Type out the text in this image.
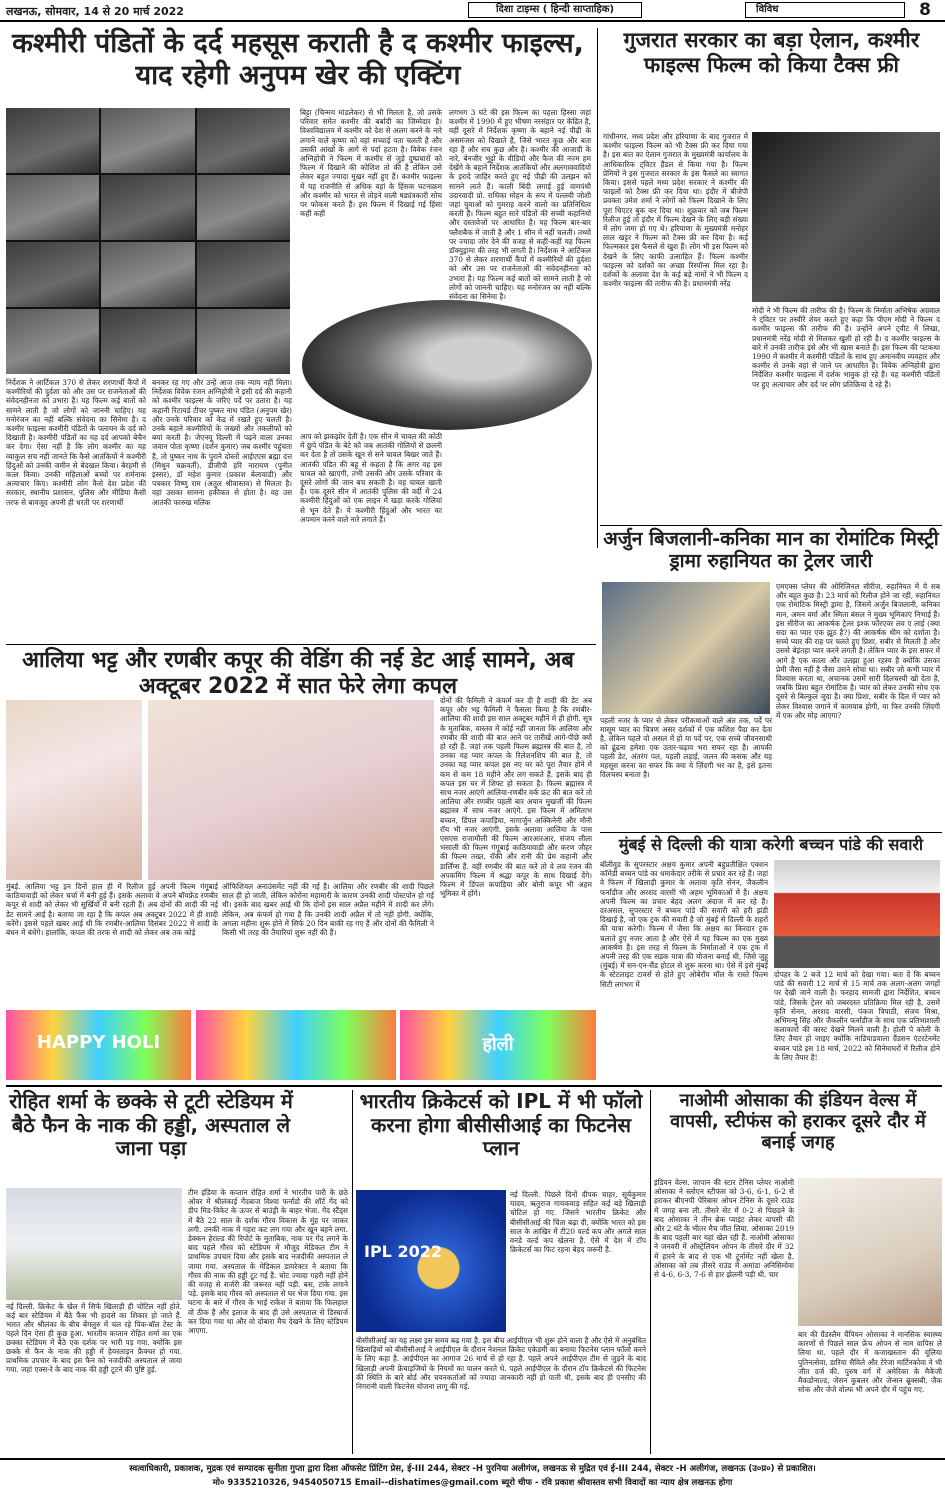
लखनऊ, सोमवार, 14 से 20 मार्च 2022	दिशा टाइम्स ( हिन्दी साप्ताहिक)	विविध	8
कश्मीरी पंडितों के दर्द महसूस कराती है द कश्मीर फाइल्स, याद रहेगी अनुपम खेर की एक्टिंग
निर्देशक ने आर्टिकल 370 से लेकर शरणार्थी कैंपों में कश्मीरियों की दुर्दशा को और उस पर राजनेताओं की संवेदनहीनता को उभारा है। यह फिल्म कई बातों को सामने लाती है जो लोगों को जाननी चाहिए। यह मनोरंजन का नहीं बल्कि संवेदना का सिनेमा है। द कश्मीर फाइल्स कश्मीरी पंडितों के पलायन के दर्द को दिखाती है। कश्मीरी पंडितों का यह दर्द आपको बेचैन कर देगा। ऐसा नहीं है कि लोग कश्मीर का यह व्याकुल सच नहीं जानते कि कैसे आतंकियों ने कश्मीरी हिंदुओं को उनकी जमीन से बेदखल किया। बेरहमी से कत्ल किया। उनकी महिलाओं बच्चों पर शर्मनाक अत्याचार किए। कश्मीरी लोग कैसे देश प्रदेश की सरकार, स्थानीय प्रशासन, पुलिस और मीडिया कैसी तरफ से बावजूद अपनी ही धरती पर शरणार्थी
बनकर रह गए और उन्हें आज तक न्याय नहीं मिला। निर्देशक विवेक रंजन अग्निहोत्री ने इसी दर्द की कहानी को कश्मीर फाइल्स के जरिए पर्दे पर उतारा है। यह कहानी रिटायर्ड टीचर पुष्कर नाथ पंडित (अनुपम खेर) और उनके परिवार को केंद्र में रखते हुए चलती है। उनके बहाने कश्मीरियों के जख्मों और तकलीफों को बयां करती है। जेएनयू दिल्ली में पढ़ने वाला उनका जवान पोता कृष्णा (दर्शन कुमार) जब कश्मीर पहुंचता है, तो पुष्कर नाथ के पुराने दोस्तों आईएएस ब्रह्मा दत्त (मिथुन चक्रवर्ती), डीजीपी हरि नारायण (पुनीत इस्सर), डॉ महेश कुमार (प्रकाश बेलावाडी) और पत्रकार विष्णु राम (अतुल श्रीवास्तव) से मिलता है। वहां उसका सामना हकीकत से होता है। वह उस आतंकी फारुख मलिक
बिट्टा (चिन्मय मांडलेकर) से भी मिलता है, जो उसके परिवार समेत कश्मीर की बर्बादी का जिम्मेदार है। विश्वविद्यालय में कश्मीर को देश से अलग करने के नारे लगाने वाले कृष्णा को वहां सच्चाई पता चलती है और उसकी आंखों के आगे से पर्दा हटता है। विवेक रंजन अग्निहोत्री ने फिल्म में कश्मीर से जुड़े दुष्प्रचारों को फिल्म में दिखाने की कोशिश तो की है लेकिन उसे लेकर बहुत ज्यादा मुखर नहीं हुए हैं। कश्मीर फाइल्स में यह राजनीति से अधिक वहां के हिंसक घटनाक्रम और कश्मीर को भारत से तोड़ने वाली षड्यंत्रकारी सोच पर फोकस करते हैं। इस फिल्म में दिखाई गई हिंसा कहीं कहीं
आप को झकझोर देती है। एक सीन में चावल की कोठी में छुपे पंडित के बेटे को जब आतंकी गोलियों से छलनी कर देता है तो उसके खून से सने चावल बिखर जाते हैं। आतंकी पंडित की बहू से कहता है कि अगर वह इस चावल को खाएगी, तभी उसकी और उसके परिवार के दूसरे लोगों की जान बच सकती है। वह चावल खाती है। एक दूसरे सीन में आतंकी पुलिस की वर्दी में 24 कश्मीरी हिंदुओं को एक लाइन में खड़ा करके गोलियां से भून देते हैं। ये कश्मीरी हिंदुओं और भारत का अपमान करने वाले नारे लगाते हैं।
लगभग 3 घंटे की इस फिल्म का पहला हिस्सा जहां कश्मीर में 1990 में हुए भीषण नरसंहार पर केंद्रित है, वहीं दूसरे में निर्देशक कृष्णा के बहाने नई पीढ़ी के असमंजस को दिखाते हैं, जिसे भारत कुछ और बता रहा है और सच कुछ और है। कश्मीर की आजादी के नारे, बेनजीर भुट्टो के वीडियो और फैज की नज्म हम देखेंगे के बहाने निर्देशक आतंकियों और अलगाववादियों के इरादे जाहिर करते हुए नई पीढ़ी की उलझन को सामने लाते हैं। काली बिंदी लगाई हुई वामपंथी उदारवादी प्रो. राधिका मोहन के रूप में पल्लवी जोशी जहां युवाओं को गुमराह करने वालों का प्रतिनिधित्व करती हैं। फिल्म बहुत सारे पंडितों की सच्ची कहानियों और दस्तावेजों पर आधारित है। यह फिल्म बार-बार फ्लैशबैक में जाती है और 1 सीन में नहीं चलती। तथ्यों पर ज्यादा जोर देने की वजह से कहीं-कहीं यह फिल्म डॉक्युड्रामा की तरह भी लगती है। निर्देशक ने आर्टिकल 370 से लेकर शरणार्थी कैंपों में कश्मीरियों की दुर्दशा को और उस पर राजनेताओं की संवेदनहीनता को उभारा है। यह फिल्म कई बातों को सामने लाती है जो लोगों को जाननी चाहिए। यह मनोरंजन का नहीं बल्कि संवेदना का सिनेमा है।
गुजरात सरकार का बड़ा ऐलान, कश्मीर फाइल्स फिल्म को किया टैक्स फ्री
गांधीनगर. मध्य प्रदेश और हरियाणा के बाद गुजरात में कश्मीर फाइल्स फिल्म को भी टैक्स फ्री कर दिया गया है। इस बात का ऐलान गुजरात के मुख्यमंत्री कार्यालय के आधिकारिक ट्विटर हैंडल से किया गया है। फिल्म प्रेमियों ने इस गुजरात सरकार के इस फैसले का स्वागत किया। इससे पहले मध्य प्रदेश सरकार ने कश्मीर की फाइलों को टैक्स फ्री कर दिया था। इंदौर में बीजेपी प्रवक्ता उमेश शर्मा ने लोगों को फिल्म दिखाने के लिए पूरा थिएटर बुक कर दिया था। शुक्रवार को जब फिल्म रिलीज हुई तो इंदौर में फिल्म देखने के लिए बड़ी संख्या में लोग जमा हो गए थे। हरियाणा के मुख्यमंत्री मनोहर लाल खट्टर ने फिल्म को टैक्स फ्री कर दिया है। कई फिल्मकार इस फैसले से खुश हैं। लोग भी इस फिल्म को देखने के लिए काफी उत्साहित हैं। फिल्म कश्मीर फाइल्स को दर्शकों का अच्छा रिस्पॉन्स मिल रहा है। दर्शकों के अलावा देश के कई बड़े नामों ने भी फिल्म द कश्मीर फाइल्स की तारीफ की है। प्रधानमंत्री नरेंद्र
मोदी ने भी फिल्म की तारीफ की है। फिल्म के निर्माता अभिषेक अग्रवाल ने ट्विटर पर तस्वीरें शेयर करते हुए कहा कि पीएम मोदी ने फिल्म द कश्मीर फाइल्स की तारीफ की है। उन्होंने अपने ट्वीट में लिखा, प्रधानमंत्री नरेंद्र मोदी से मिलकर खुशी हो रही है। द कश्मीर फाइल्स के बारे में उनकी तारीफ इसे और भी खास बनाते हैं। इस फिल्म की पटकथा 1990 में कश्मीर में कश्मीरी पंडितों के साथ हुए अमानवीय व्यवहार और कश्मीर से उनके वहां से जाने पर आधारित है। विवेक अग्निहोत्री द्वारा निर्देशित कश्मीर फाइल्स में दर्शक भावुक हो रहे हैं। वह कश्मीरी पंडितों पर हुए अत्याचार और दर्द पर लोग प्रतिक्रिया दे रहे हैं।
अर्जुन बिजलानी-कनिका मान का रोमांटिक मिस्ट्री ड्रामा रुहानियत का ट्रेलर जारी
पहली नजर के प्यार से लेकर परीकथाओं वाले अंत तक, पर्दे पर मासूम प्यार का चित्रण असर दर्शकों में एक कशिश पैदा कर देता है, लेकिन पहले वो असल में हो या पर्दे पर, एक सच्चे जीवनसाथी को ढूंढना हमेशा एक उतार-चढ़ाव भरा सफर रहा है। आपकी पहली डेट, अंतरंग पल, पहली लड़ाई, जलन की कसक और यह महसूस करना का सफर कि क्या ये ज़िंदगी भर का है, इसे इतना दिलचस्प बनाता है।
एमएक्स प्लेयर की ओरिजिनल सीरीज, रुहानियत में ये सब और बहुत कुछ है। 23 मार्च को रिलीज होने जा रही, रुहानियत एक रोमांटिक मिस्ट्री ड्रामा है, जिसमें अर्जुन बिजलानी, कनिका मान, अमन वर्मा और स्मिता बंसल ने मुख्य भूमिकाएं निभाई हैं। इस सीरीज का आकर्षक ट्रेलर इश्क फॉरएवर लव ए लाई (क्या सदा का प्यार एक झूठ है?) की आकर्षक थीम को दर्शाता है। सच्चे प्यार की राह पर चलते हुए प्रिशा, सबीर से मिलती है और उससे बेइंतहा प्यार करने लगती है। लेकिन प्यार के इस सफर में आगे है एक काला और उलझा हुआ रहस्य है क्योंकि उसका प्रेमी जैसा नहीं है जैसा उसने सोचा था। सबीर जो कभी प्यार में विश्वास करता था, अचानक उसमें सारी दिलचस्पी खो देता है, जबकि प्रिशा बहुत रोमांटिक है। प्यार को लेकर उनकी सोच एक दूसरे से बिल्कुल जुदा है। क्या प्रिशा, सबीर के दिल में प्यार को लेकर विश्वास जगाने में कामयाब होगी, या फिर उनकी ज़िंदगी में एक और मोड़ आएगा?
आलिया भट्ट और रणबीर कपूर की वेडिंग की नई डेट आई सामने, अब अक्टूबर 2022 में सात फेरे लेगा कपल
मुंबई. आलिया भट्ट इन दिनों हाल ही में रिलीज हुई अपनी फिल्म गंगूबाई काठियावाड़ी को लेकर चर्चा में बनी हुई हैं। इसके अलावा वे अपने बॉयफ्रेंड रणबीर कपूर से शादी को लेकर भी सुर्खियों में बनी रहती हैं। अब दोनों की शादी की नई डेट सामने आई है। बताया जा रहा है कि कपल अब अक्टूबर 2022 में ही शादी करेंगे। इससे पहले खबर आई थी कि रणबीर-आलिया दिसंबर 2022 में शादी के बंधन में बंधेंगे। हालांकि, कपल की तरफ से शादी को लेकर अब तक कोई
ऑफिशियल अनाउंसमेंट नहीं की गई है। आलिया और रणबीर की शादी पिछले साल ही हो जाती, लेकिन कोरोना महामारी के कारण उनकी शादी पोस्टपोन हो गई थी। इसके बाद खबर आई थी कि दोनों इस साल अप्रैल महीने में शादी कर लेंगे। लेकिन, अब कंफर्म हो गया है कि उनकी शादी अप्रैल में तो नहीं होगी. क्योंकि, अगला महीना शुरू होने में सिर्फ 20 दिन बाकी रह गए हैं और दोनों की फैमिली ने किसी भी तरह की तैयारियां शुरू नहीं की हैं।
दोनों की फैमिली ने कंफर्म कर दी है शादी की डेट अब कपूर और भट्ट फैमिली ने फैसला किया है कि रणबीर-आलिया की शादी इस साल अक्टूबर महीने में ही होगी. सूत्र के मुताबिक, वास्तव में कोई नहीं जानता कि आलिया और रणबीर की शादी की बात आने पर तारीखें आगे-पीछे क्यों हो रही हैं. जहां तक पहली फिल्म ब्रह्मास्त्र की बात है, तो उनका यह प्यार कपल के रिलेशनशिप की बात है, तो उनका यह प्यार कपल इस नए घर को पूरा तैयार होने में कम से कम 18 महीने और लग सकते हैं. इसके बाद ही कपल इस घर में शिफ्ट हो सकता है। फिल्म ब्रह्मास्त्र में साथ नजर आएंगे आलिया-रणबीर वर्क फ्रंट की बात करें तो आलिया और रणबीर पहली बार अयान मुखर्जी की फिल्म ब्रह्मास्त्र में साथ नजर आएंगे. इस फिल्म में अमिताभ बच्चन, डिंपल कपाड़िया, नागार्जुन अक्किनेनी और मौनी रॉय भी नजर आएंगी. इसके अलावा आलिया के पास एसएस राजामौली की फिल्म आरआरआर, संजय लीला भंसाली की फिल्म गंगूबाई काठियावाड़ी और करण जौहर की फिल्म तख्त, रॉकी और रानी की प्रेम कहानी और डार्लिंग्स हैं. वहीं रणबीर की बात करें तो वे लव रंजन की अपकमिंग फिल्म में श्रद्धा कपूर के साथ दिखाई देंगे। फिल्म में डिंपल कपाड़िया और बोनी कपूर भी अहम भूमिका में होंगे।
HAPPY HOLI	होली
मुंबई से दिल्ली की यात्रा करेगी बच्चन पांडे की सवारी
बॉलीवुड के सुपरस्टार अक्षय कुमार अपनी बहुप्रतीक्षित एक्शन कॉमेडी बच्चन पांडे का धमाकेदार तरीके से प्रचार कर रहे हैं। जहां वे फिल्म में खिलाड़ी कुमार के अलावा कृति सेनन, जैकलीन फर्नांडीज और अरशद वारसी भी अहम भूमिकाओं में हैं। अक्षय अपनी फिल्म का प्रचार बेहद अलग अंदाज में कर रहे हैं। दरअसल, सुपरस्टार ने बच्चन पांडे की सवारी को हरी झंडी दिखाई है, जो एक ट्रक की सवारी है जो मुंबई से दिल्ली के शहरों की यात्रा करेगी। फिल्म में जैसा कि अक्षय का किरदार ट्रक चलाते हुए नजर आता है और ऐसे में यह फिल्म का एक मुख्य आकर्षण है। इस तरह से फिल्म के निर्माताओं ने एक ट्रक में अपनी तरह की एक सड़क यात्रा की योजना बनाई थी, जिसे जुहू (मुंबई) में सन-एन-सैंड होटल से शुरू करना था। ऐसे में इसे मुंबई के स्टेटलाइट टावर्स से होते हुए ओबेरॉय मॉल के रास्ते फिल्म सिटी लगभग में
दोपहर के 2 बजे 12 मार्च को देखा गया। बता दें कि बच्चन पांडे की सवारी 12 मार्च से 15 मार्च तक अलग-अलग जगहों पर देखी जाने वाली है। फरहाद सामजी द्वारा निर्देशित, बच्चन पांडे, जिसके ट्रेलर को जबरदस्त प्रतिक्रिया मिल रही है, उसमें कृति सेनन, अरशद वारसी, पंकज त्रिपाठी, संजय मिश्रा, अभिमन्यु सिंह और जैकलीन फर्नांडीज के साथ एक प्रतिभाशाली कलाकारों की कास्ट देखने मिलने वाली है। होली पे कोली के लिए तैयार हो जाइए क्योंकि नाडियाडवाला ग्रैंडसन एंटरटेनमेंट बच्चन पांडे इस 18 मार्च, 2022 को सिनेमाघरों में रिलीज होने के लिए तैयार है!
रोहित शर्मा के छक्के से टूटी स्टेडियम में बैठे फैन के नाक की हड्डी, अस्पताल ले जाना पड़ा
नई दिल्ली. क्रिकेट के खेल में सिर्फ खिलाड़ी ही चोटिल नहीं होते. कई बार स्टेडियम में बैठे फैंस भी हादसे का शिकार हो जाते हैं. भारत और श्रीलंका के बीच बेंगलुरु में चल रहे पिंक-बॉल टेस्ट के पहले दिन ऐसा ही कुछ हुआ. भारतीय कप्तान रोहित शर्मा का एक छक्का स्टेडियम में बैठे एक दर्शक पर भारी पड़ गया. क्योंकि इस छक्के से फैन के नाक की हड्डी में हेयरलाइन फ्रैक्चर हो गया. प्राथमिक उपचार के बाद इस फैन को नजदीकी अस्पताल ले जाया गया. जहां एक्स-रे के बाद नाक की हड्डी टूटने की पुष्टि हुई.
टीम इंडिया के कप्तान रोहित शर्मा ने भारतीय पारी के छठे ओवर में श्रीलंकाई गेंदबाज विश्वा फर्नांडो की शॉर्ट गेंद को डीप मिड-विकेट के ऊपर से बाउंड्री के बाहर भेजा. गेंद स्टैंड्स में बैठे 22 साल के दर्शक गौरव विकास के मुंह पर जाकर लगी. उनकी नाक में गहरा कट लग गया और खून बहने लगा. डेक्कन हेराल्ड की रिपोर्ट के मुताबिक, नाक पर गेंद लगने के बाद पहले गौरव को स्टेडियम में मौजूद मेडिकल टीम ने प्राथमिक उपचार दिया और इसके बाद नजदीकी अस्पताल ले जाया गया. अस्पताल के मेडिकल डायरेक्टर ने बताया कि गौरव की नाक की हड्डी टूट गई है. चोट ज्यादा गहरी नहीं होने की वजह से सर्जरी की जरूरत नहीं पड़ी. बस, टांके लगाने पड़े. इसके बाद गौरव को अस्पताल से घर भेज दिया गया. इस घटना के बारे में गौरव के भाई राकेश ने बताया कि फिलहाल वो ठीक हैं और इलाज के बाद ही उसे अस्पताल से डिस्चार्ज कर दिया गया था और वो दोबारा मैच देखने के लिए स्टेडियम आएगा.
भारतीय क्रिकेटर्स को IPL में भी फॉलो करना होगा बीसीसीआई का फिटनेस प्लान
IPL 2022
नई दिल्ली. पिछले दिनों दीपक चाहर, सूर्यकुमार यादव, ऋतुराज गायकवाड़ सहित कई बड़े खिलाड़ी चोटिल हो गए. जिसने भारतीय क्रिकेट और बीसीसीआई की चिंता बढ़ा दी, क्योंकि भारत को इस साल के आखिर में टी20 वर्ल्ड कप और अगले साल वनडे वर्ल्ड कप खेलना है. ऐसे में देश में टॉप क्रिकेटर्स का फिट रहना बेहद जरूरी है.
बीसीसीआई का यह लक्ष्य इस समय बढ़ गया है. इस बीच आईपीएल भी शुरू होने वाला है और ऐसे में अनुबंधित खिलाड़ियों को बीसीसीआई ने आईपीएल के दौरान नेशनल क्रिकेट एकेडमी का बनाया फिटनेस प्लान फॉलो करने के लिए कहा है. आईपीएल का आगाज 26 मार्च से हो रहा है. पहले अपने आईपीएल टीम से जुड़ने के बाद खिलाड़ी अपनी फ्रेंचाइजियों के नियमों का पालन करते थे. पहले आईपीएल के दौरान टॉप क्रिकेटर्स की फिटनेस की स्थिति के बारे बोर्ड और चयनकर्ताओं को ज्यादा जानकारी नहीं हो पाती थी, इसके बाद ही एनसीए की निगरानी वाली फिटनेस योजना लागू की गई.
नाओमी ओसाका की इंडियन वेल्स में वापसी, स्टीफंस को हराकर दूसरे दौर में बनाई जगह
इंडियन वेल्स. जापान की स्टार टेनिस प्लेयर नाओमी ओसाका ने स्लोएन स्टीफंस को 3-6, 6-1, 6-2 से हराकर बीएनपी पेरिबास ओपन टेनिस के दूसरे राउंड में जगह बना ली. तीसरे सेट में 0-2 से पिछड़ने के बाद ओसाका ने तीन ब्रेक प्वाइंट लेकर वापसी की और 2 घंटे के भीतर मैच जीत लिया. ओसाका 2019 के बाद पहली बार यहां खेल रही हैं. नाओमी ओसाका ने जनवरी में ऑस्ट्रेलियन ओपन के तीसरे दौर में 32 में हारने के बाद से एक भी टूर्नामेंट नहीं खेला है. ओसाका को तब तीसरे राउंड में अमांडा अनिसिमोवा से 4-6, 6-3, 7-6 से हार झेलनी पड़ी थी. चार
बार की ग्रैंडस्लैम चैंपियन ओसाका ने मानसिक स्वास्थ्य कारणों से पिछले साल फ्रेंच ओपन से नाम वापिस ले लिया था. पहले दौर में कजाखस्तान की यूलिया पुतिनत्सेवा, डारिया सैविले और टेरेजा मार्टिनकोवा ने भी जीत दर्ज की. पुरुष वर्ग में अमेरिका के मैकेंजी मैकडोनाल्ड, जेसन कुबलर और जेन्सन ब्रूक्सबी, जैक सोक और जेजे वोल्फ भी अपने दौर में पहुंच गए.
स्वत्वाधिकारी, प्रकाशक, मुद्रक एवं सम्पादक सुनीता गुप्ता द्वारा दिशा ऑफसेट प्रिंटिंग प्रेस, ई-III 244, सेक्टर -H पुरनिया अलीगंज, लखनऊ से मुद्रित एवं ई-III 244, सेक्टर -H अलीगंज, लखनऊ (उ०प्र०) से प्रकाशित।
मो० 9335210326, 9454050715 Email--dishatimes@gmail.com ब्यूरो चीफ - रवि प्रकाश श्रीवास्तव सभी विवादों का न्याय क्षेत्र लखनऊ होगा
